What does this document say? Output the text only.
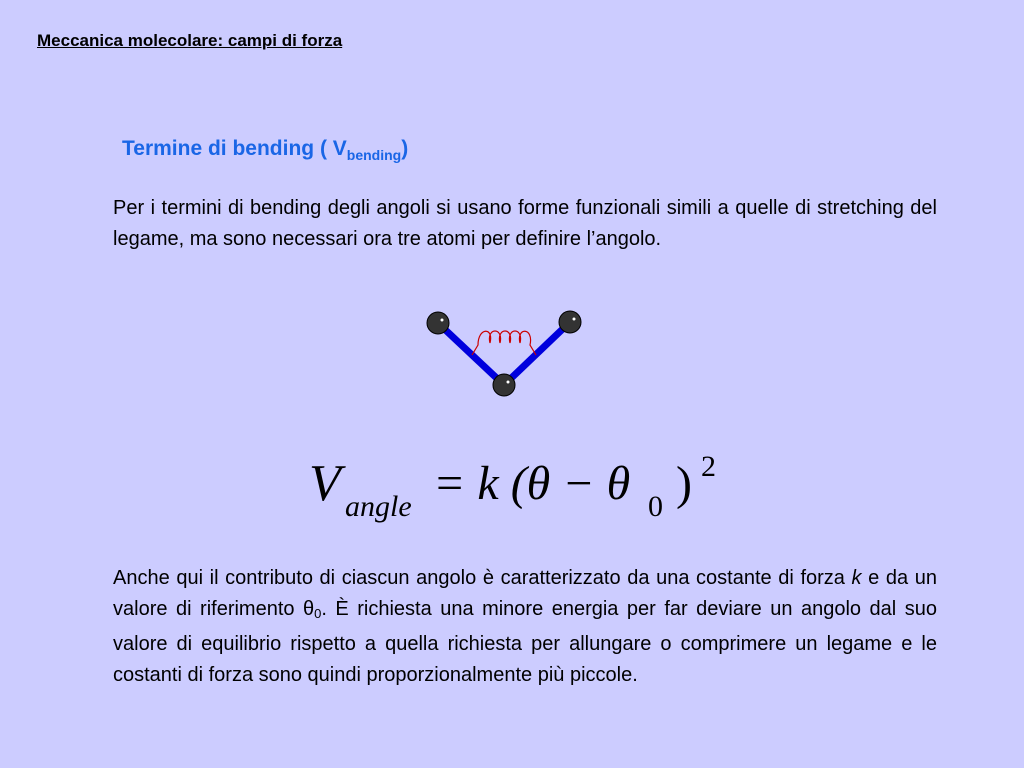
Meccanica molecolare: campi di forza
Termine di bending ( $V_{bending}$)
Per i termini di bending degli angoli si usano forme funzionali simili a quelle di stretching del legame, ma sono necessari ora tre atomi per definire l’angolo.
V angle = k (θ − θ 0 ) 2
Anche qui il contributo di ciascun angolo è caratterizzato da una costante di forza k e da un valore di riferimento $\theta_0$. È richiesta una minore energia per far deviare un angolo dal suo valore di equilibrio rispetto a quella richiesta per allungare o comprimere un legame e le costanti di forza sono quindi proporzionalmente più piccole.
